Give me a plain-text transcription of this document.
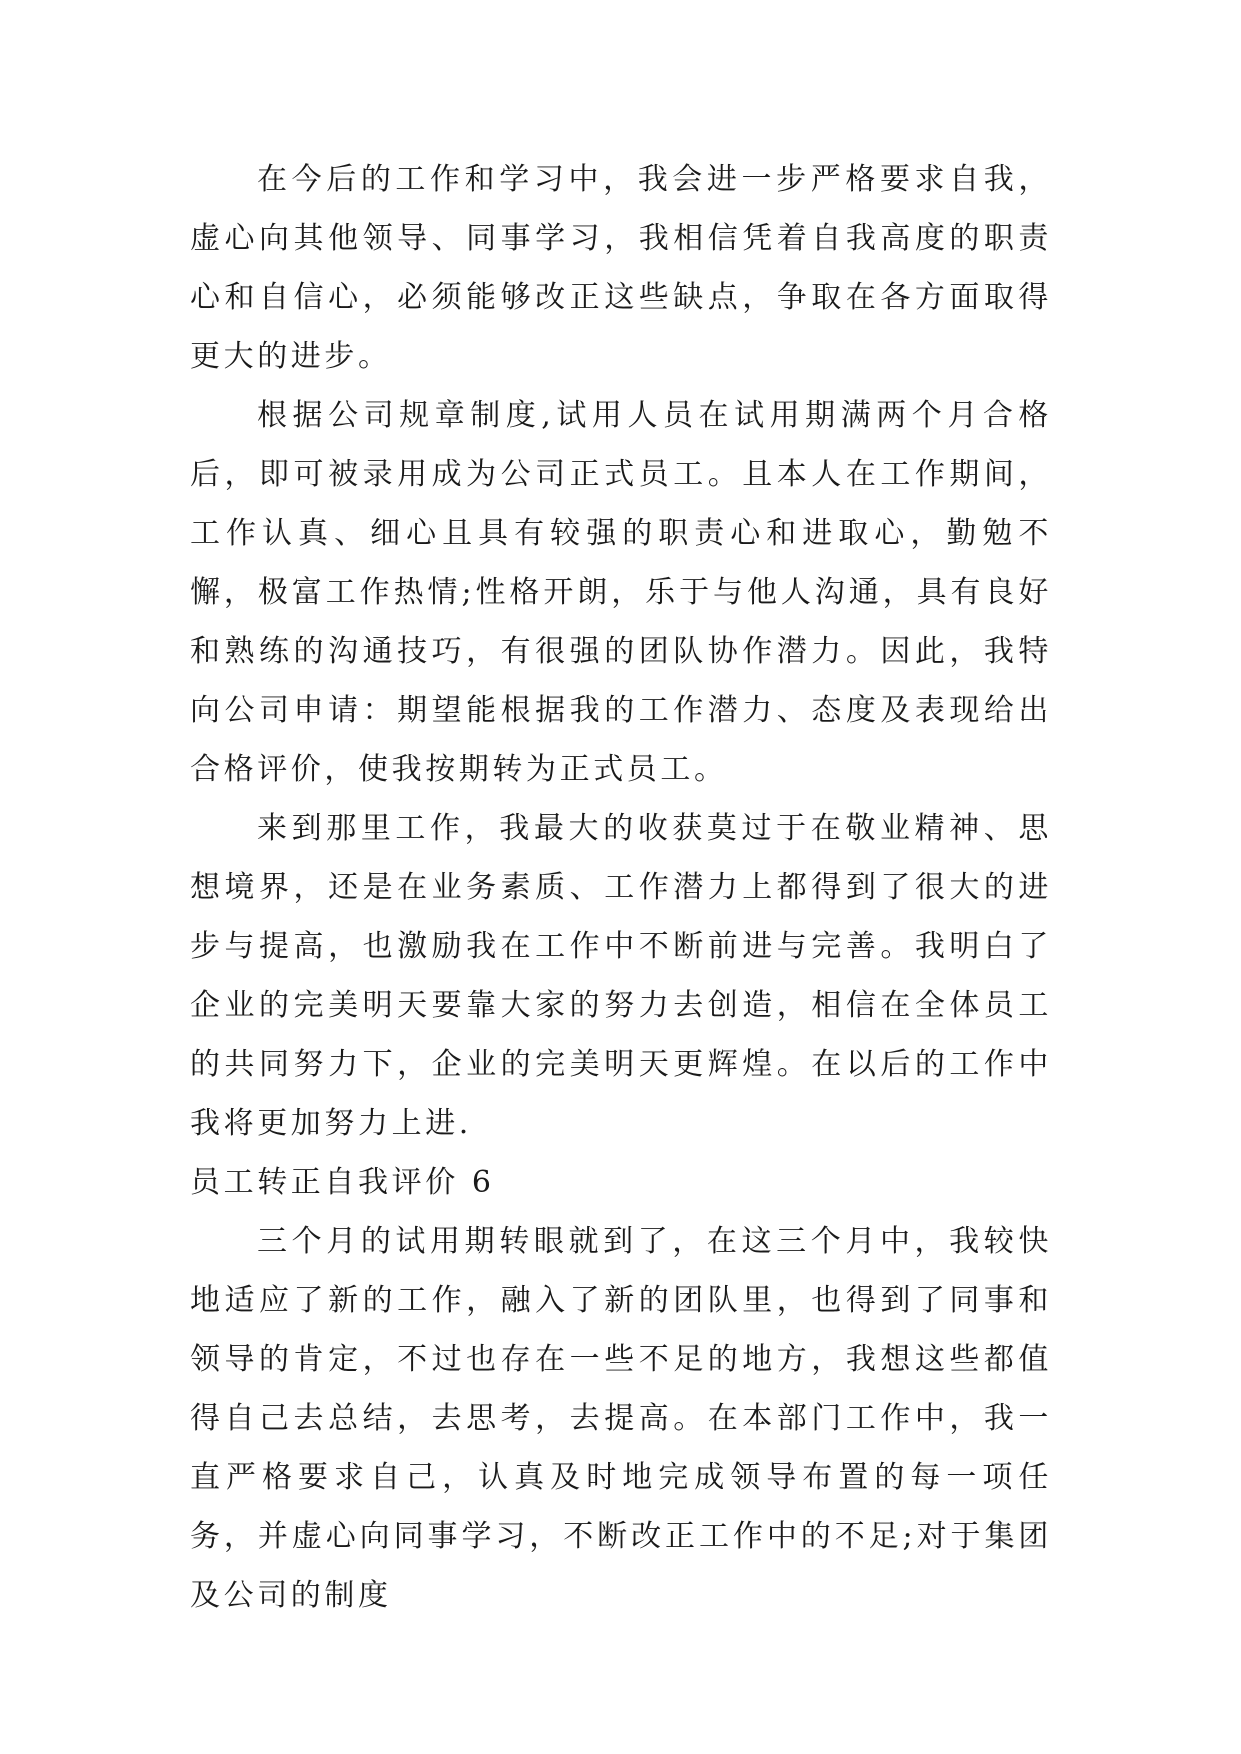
在今后的工作和学习中，我会进一步严格要求自我，虚心向其他领导、同事学习，我相信凭着自我高度的职责心和自信心，必须能够改正这些缺点，争取在各方面取得更大的进步。

根据公司规章制度,试用人员在试用期满两个月合格后，即可被录用成为公司正式员工。且本人在工作期间，工作认真、细心且具有较强的职责心和进取心，勤勉不懈，极富工作热情;性格开朗，乐于与他人沟通，具有良好和熟练的沟通技巧，有很强的团队协作潜力。因此，我特向公司申请：期望能根据我的工作潜力、态度及表现给出合格评价，使我按期转为正式员工。

来到那里工作，我最大的收获莫过于在敬业精神、思想境界，还是在业务素质、工作潜力上都得到了很大的进步与提高，也激励我在工作中不断前进与完善。我明白了企业的完美明天要靠大家的努力去创造，相信在全体员工的共同努力下，企业的完美明天更辉煌。在以后的工作中我将更加努力上进.

员工转正自我评价 6

三个月的试用期转眼就到了，在这三个月中，我较快地适应了新的工作，融入了新的团队里，也得到了同事和领导的肯定，不过也存在一些不足的地方，我想这些都值得自己去总结，去思考，去提高。在本部门工作中，我一直严格要求自己，认真及时地完成领导布置的每一项任务，并虚心向同事学习，不断改正工作中的不足;对于集团及公司的制度
